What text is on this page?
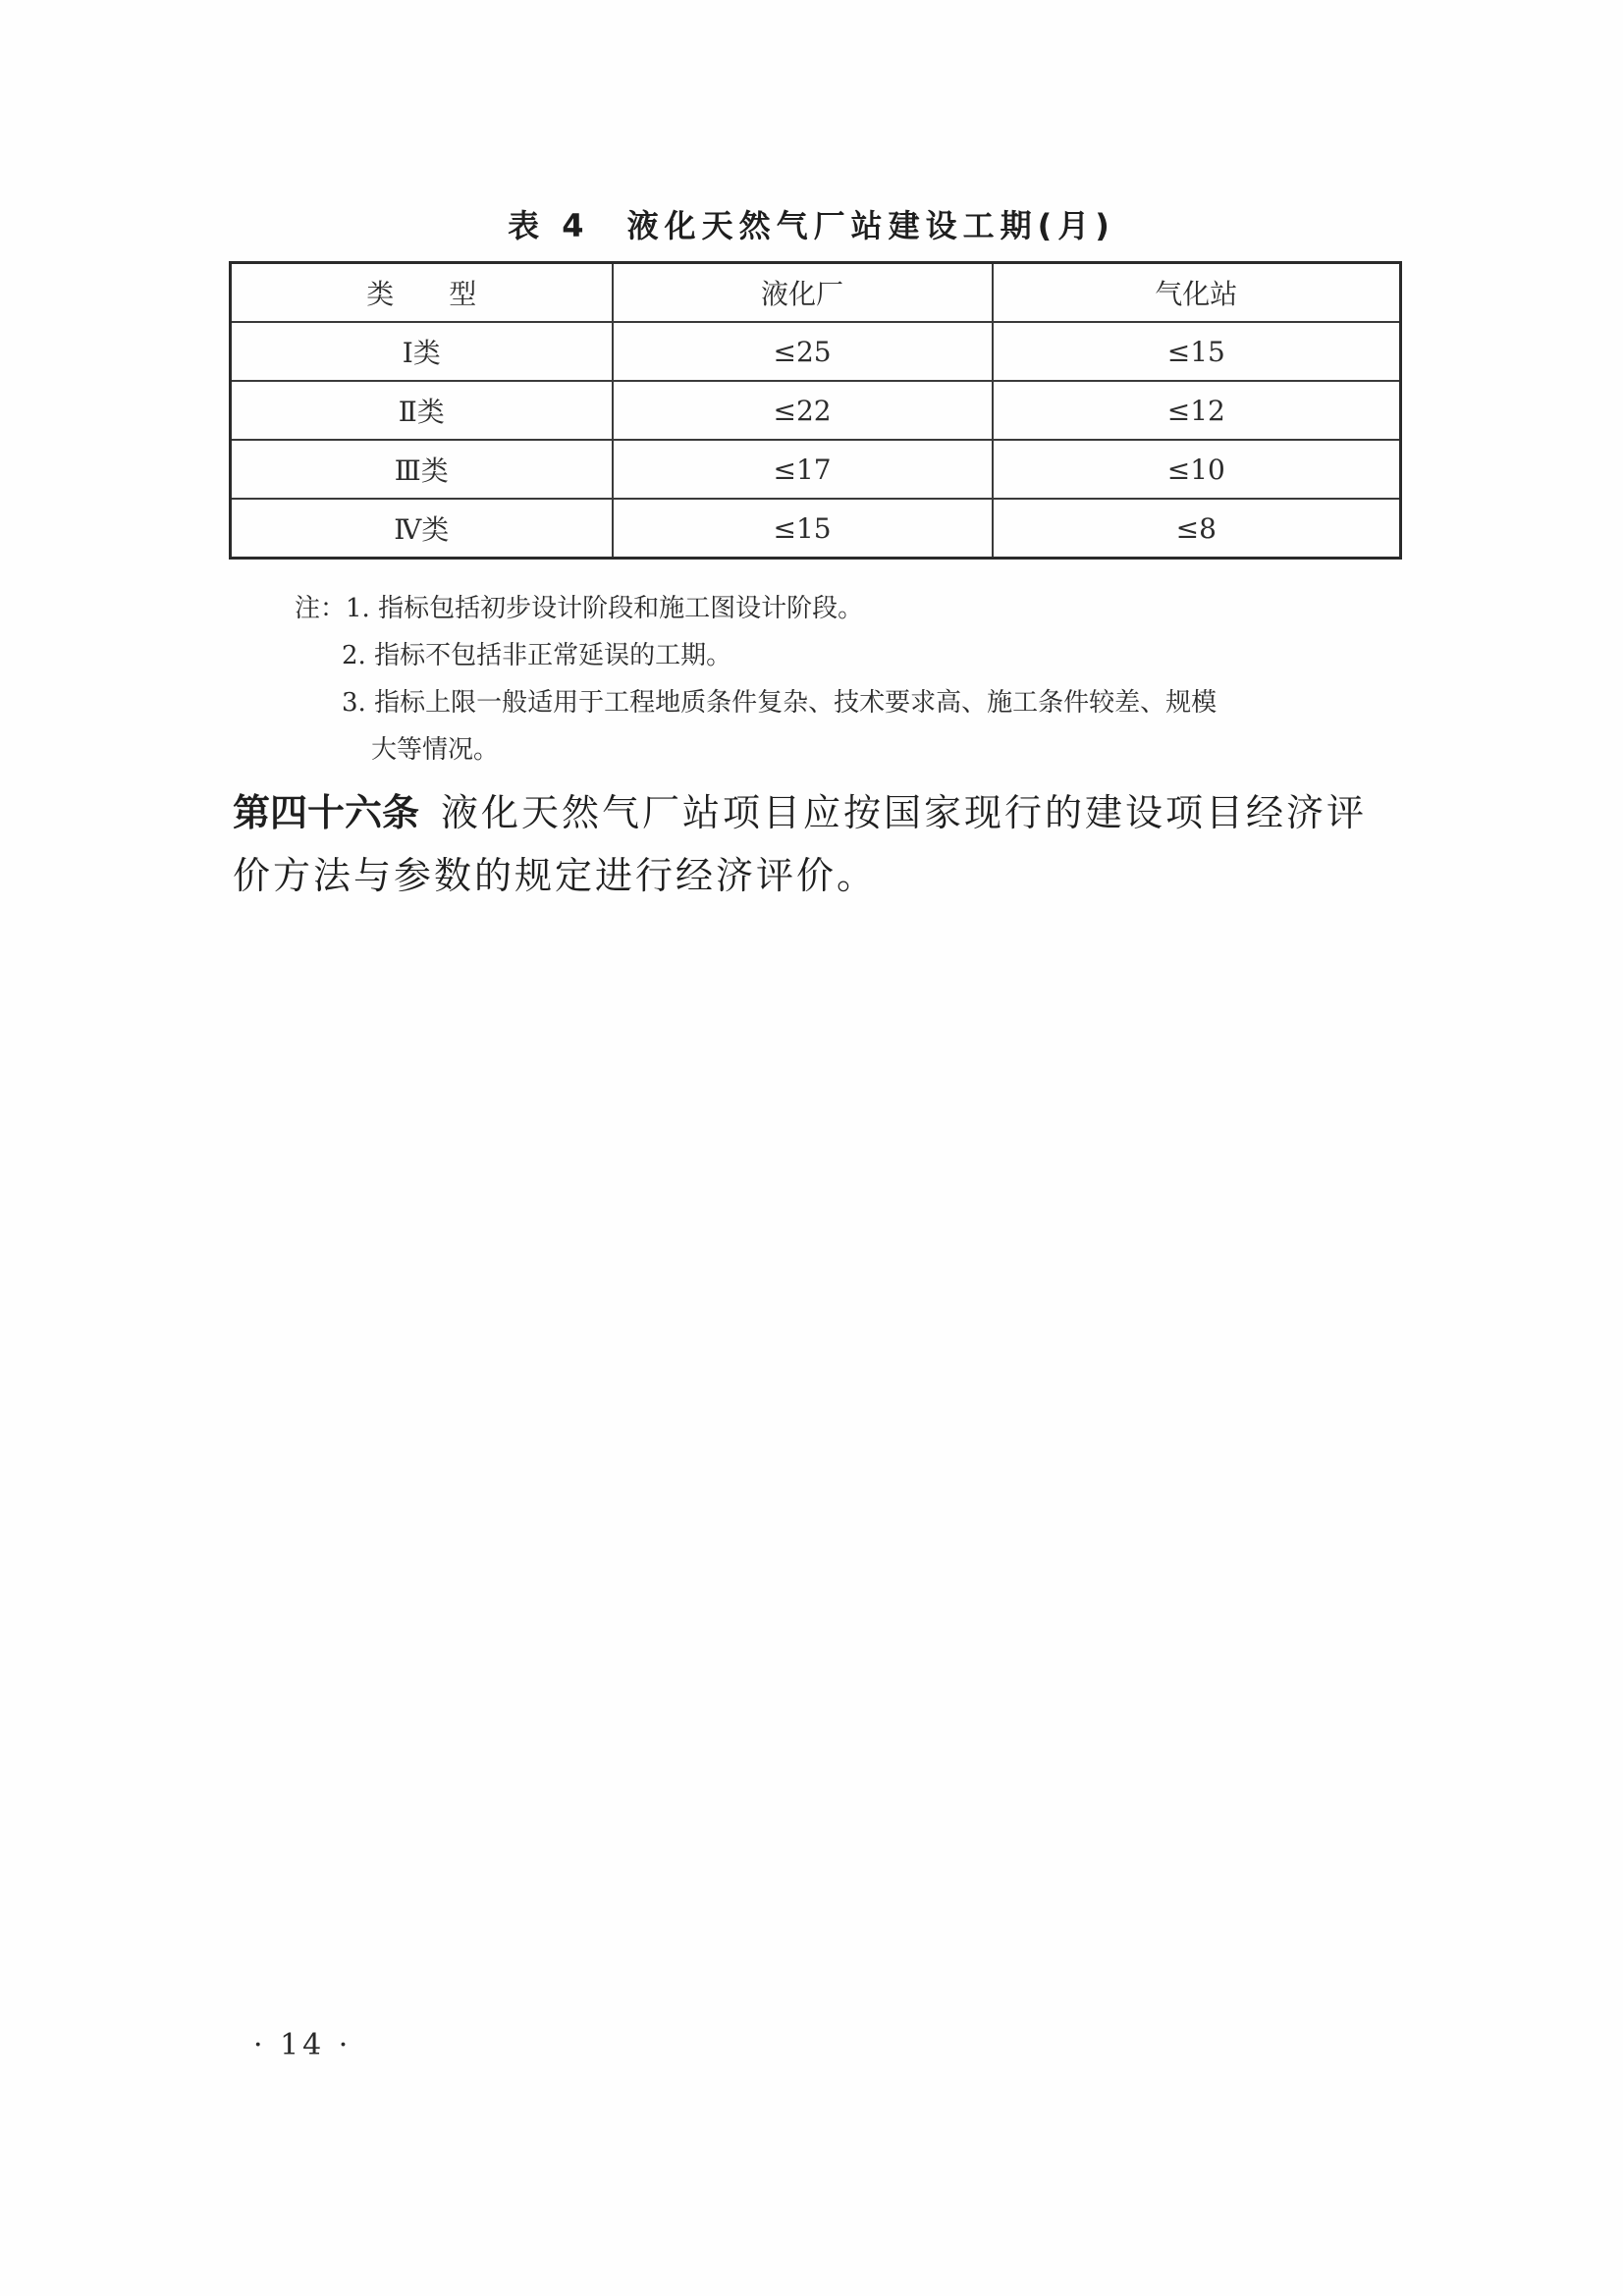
表 4　液化天然气厂站建设工期(月)
类　　型	液化厂	气化站
Ⅰ类	≤25	≤15
Ⅱ类	≤22	≤12
Ⅲ类	≤17	≤10
Ⅳ类	≤15	≤8
注：1. 指标包括初步设计阶段和施工图设计阶段。
2. 指标不包括非正常延误的工期。
3. 指标上限一般适用于工程地质条件复杂、技术要求高、施工条件较差、规模
大等情况。
第四十六条 液化天然气厂站项目应按国家现行的建设项目经济评价方法与参数的规定进行经济评价。
· 14 ·
